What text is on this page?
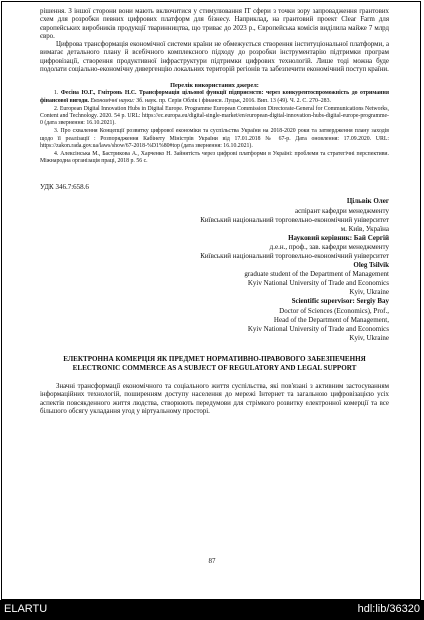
рішення. З іншої сторони вони мають включитися у стимулювання ІТ сфери з точки зору запровадження грантових схем для розробки певних цифрових платформ для бізнесу. Наприклад, на грантовий проект Clear Farm для європейських виробників продукції тваринництва, що триває до 2023 р., Європейська комісія виділила майже 7 млрд євро.

Цифрова трансформація економічної системи країни не обмежується створення інституціональної платформи, а вимагає детального плану й всебічного комплексного підходу до розробки інструментарію підтримки програм цифровізації, створення продуктивної інфраструктури підтримки цифрових технологій. Лише тоді можна буде подолати соціально-економічну дивергенцію локальних територій регіонів та забезпечити економічний поступ країни.

Перелік використаних джерел:

1. Фесіна Ю.Г., Гмітронь Н.С. Трансформація цільової функції підприємств: через конкурентоспроможність до отримання фінансової вигоди. Економічні науки: Зб. наук. пр. Серія Облік і фінанси. Луцьк, 2016. Вип. 13 (49). Ч. 2. С. 270–283.

2. European Digital Innovation Hubs in Digital Europe. Programme European Commission Directorate-General for Communications Networks, Content and Technology. 2020. 54 p. URL: https://ec.europa.eu/digital-single-market/en/european-digital-innovation-hubs-digital-europe-programme-0 (дата звернення: 16.10.2021).

3. Про схвалення Концепції розвитку цифрової економіки та суспільства України на 2018-2020 роки та затвердження плану заходів щодо її реалізації : Розпорядження Кабінету Міністрів України від 17.01.2018 № 67-р. Дата оновлення: 17.09.2020. URL: https://zakon.rada.gov.ua/laws/show/67-2018-%D1%80#top (дата звернення: 16.10.2021).

4. Алексінська М., Бастрикова А., Харченко Н. Зайнятість через цифрові платформи в Україні: проблеми та стратегічні перспективи. Міжнародна організація праці, 2018 р. 56 с.

УДК 346.7:658.6
Цільвік Олег
аспірант кафедри менеджменту
Київський національний торговельно-економічний університет
м. Київ, Україна
Науковий керівник: Бай Сергій
д.е.н., проф., зав. кафедри менеджменту
Київський національний торговельно-економічний університет
Oleg Tsilvik
graduate student of the Department of Management
Kyiv National University of Trade and Economics
Kyiv, Ukraine
Scientific supervisor: Sergiy Bay
Doctor of Sciences (Economics), Prof.,
Head of the Department of Management,
Kyiv National University of Trade and Economics
Kyiv, Ukraine
ЕЛЕКТРОННА КОМЕРЦІЯ ЯК ПРЕДМЕТ НОРМАТИВНО-ПРАВОВОГО ЗАБЕЗПЕЧЕННЯ
ELECTRONIC COMMERCE AS A SUBJECT OF REGULATORY AND LEGAL SUPPORT

Значні трансформації економічного та соціального життя суспільства, які пов'язані з активним застосуванням інформаційних технологій, поширенням доступу населення до мережі Інтернет та загальною цифровізацією усіх аспектів повсякденного життя людства, створюють передумови для стрімкого розвитку електронної комерції та все більшого обсягу укладання угод у віртуальному просторі.

87
ELARTU	hdl:lib/36320
